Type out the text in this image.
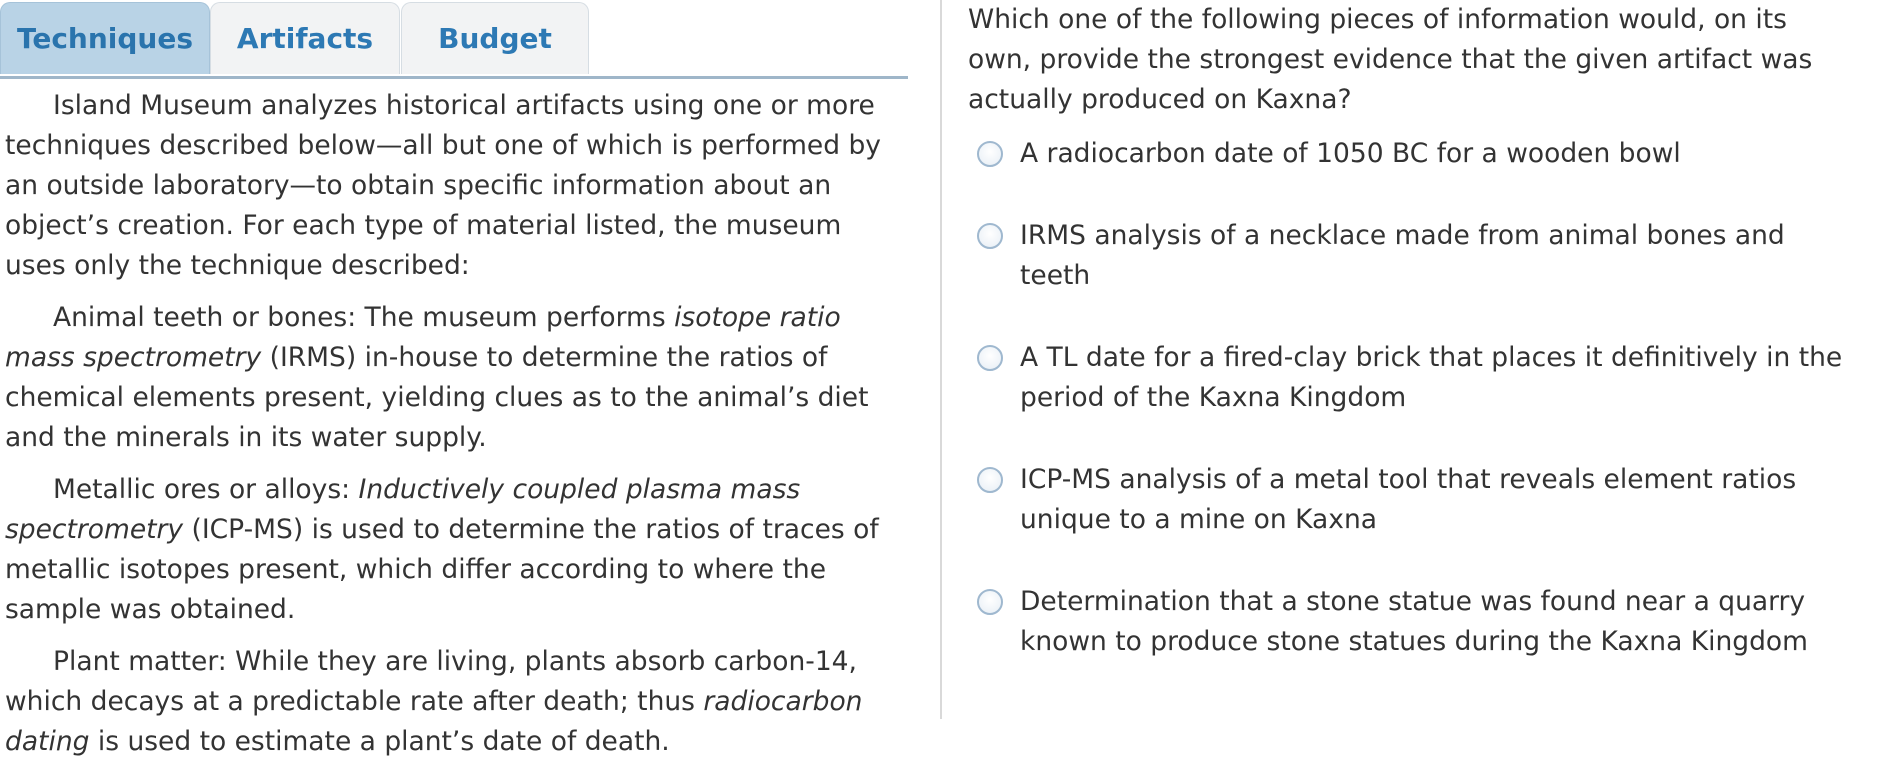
Techniques	Artifacts	Budget

Island Museum analyzes historical artifacts using one or more techniques described below—all but one of which is performed by an outside laboratory—to obtain specific information about an object’s creation. For each type of material listed, the museum uses only the technique described:

Animal teeth or bones: The museum performs isotope ratio mass spectrometry (IRMS) in-house to determine the ratios of chemical elements present, yielding clues as to the animal’s diet and the minerals in its water supply.

Metallic ores or alloys: Inductively coupled plasma mass spectrometry (ICP-MS) is used to determine the ratios of traces of metallic isotopes present, which differ according to where the sample was obtained.

Plant matter: While they are living, plants absorb carbon-14, which decays at a predictable rate after death; thus radiocarbon dating is used to estimate a plant’s date of death.

Which one of the following pieces of information would, on its own, provide the strongest evidence that the given artifact was actually produced on Kaxna?

A radiocarbon date of 1050 BC for a wooden bowl
IRMS analysis of a necklace made from animal bones and teeth
A TL date for a fired-clay brick that places it definitively in the period of the Kaxna Kingdom
ICP-MS analysis of a metal tool that reveals element ratios unique to a mine on Kaxna
Determination that a stone statue was found near a quarry known to produce stone statues during the Kaxna Kingdom
